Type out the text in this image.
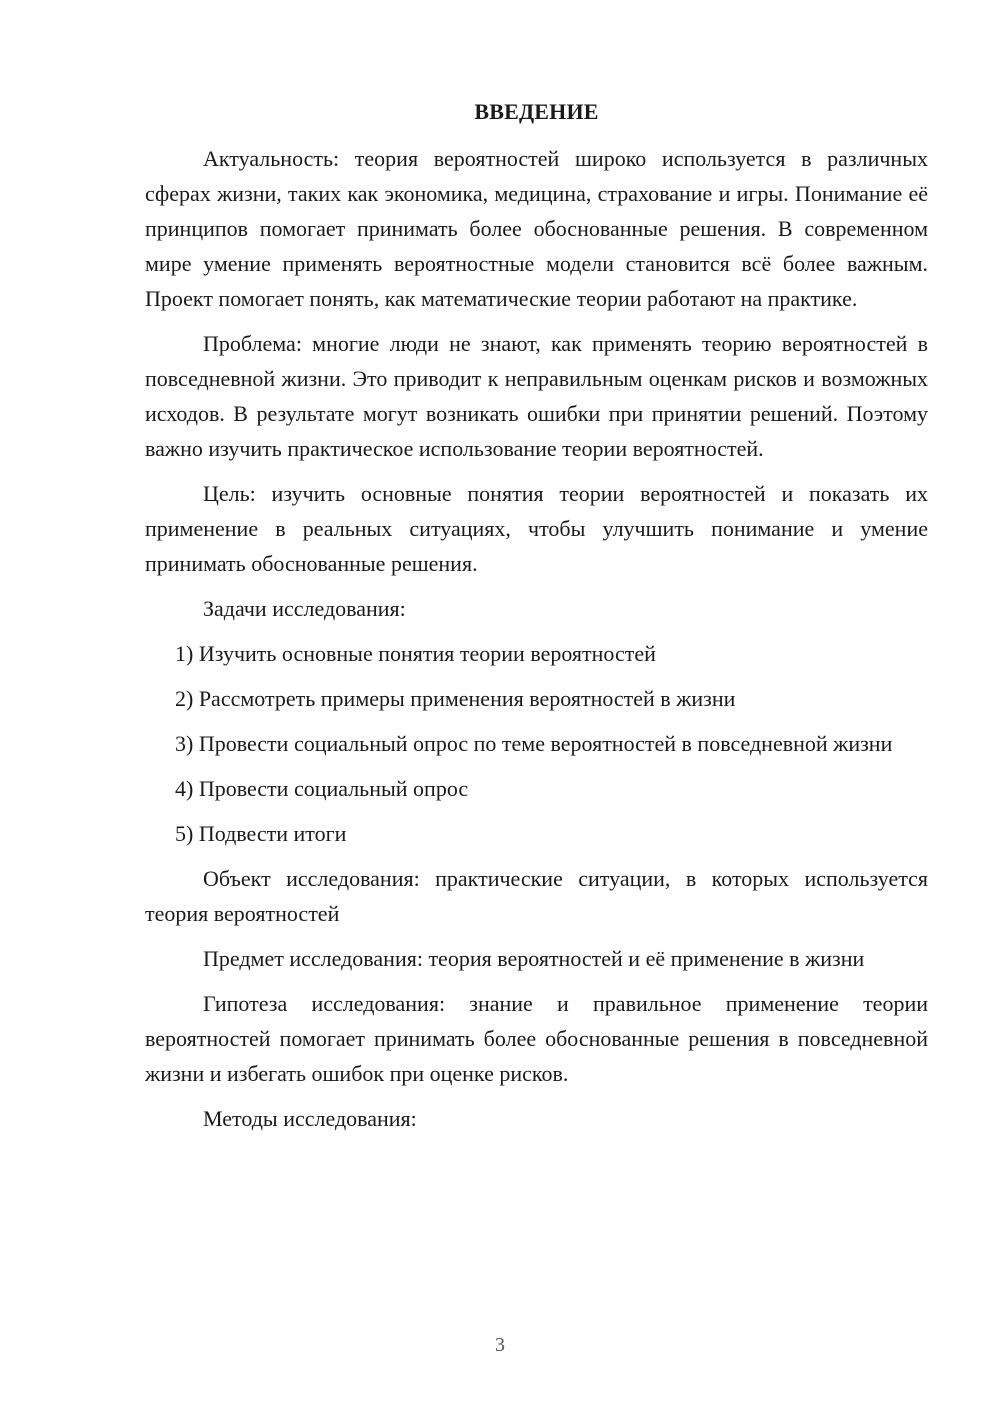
ВВЕДЕНИЕ

Актуальность: теория вероятностей широко используется в различных сферах жизни, таких как экономика, медицина, страхование и игры. Понимание её принципов помогает принимать более обоснованные решения. В современном мире умение применять вероятностные модели становится всё более важным. Проект помогает понять, как математические теории работают на практике.

Проблема: многие люди не знают, как применять теорию вероятностей в повседневной жизни. Это приводит к неправильным оценкам рисков и возможных исходов. В результате могут возникать ошибки при принятии решений. Поэтому важно изучить практическое использование теории вероятностей.

Цель: изучить основные понятия теории вероятностей и показать их применение в реальных ситуациях, чтобы улучшить понимание и умение принимать обоснованные решения.

Задачи исследования:

1) Изучить основные понятия теории вероятностей

2) Рассмотреть примеры применения вероятностей в жизни

3) Провести социальный опрос по теме вероятностей в повседневной жизни

4) Провести социальный опрос

5) Подвести итоги

Объект исследования: практические ситуации, в которых используется теория вероятностей

Предмет исследования: теория вероятностей и её применение в жизни

Гипотеза исследования: знание и правильное применение теории вероятностей помогает принимать более обоснованные решения в повседневной жизни и избегать ошибок при оценке рисков.

Методы исследования:

3
